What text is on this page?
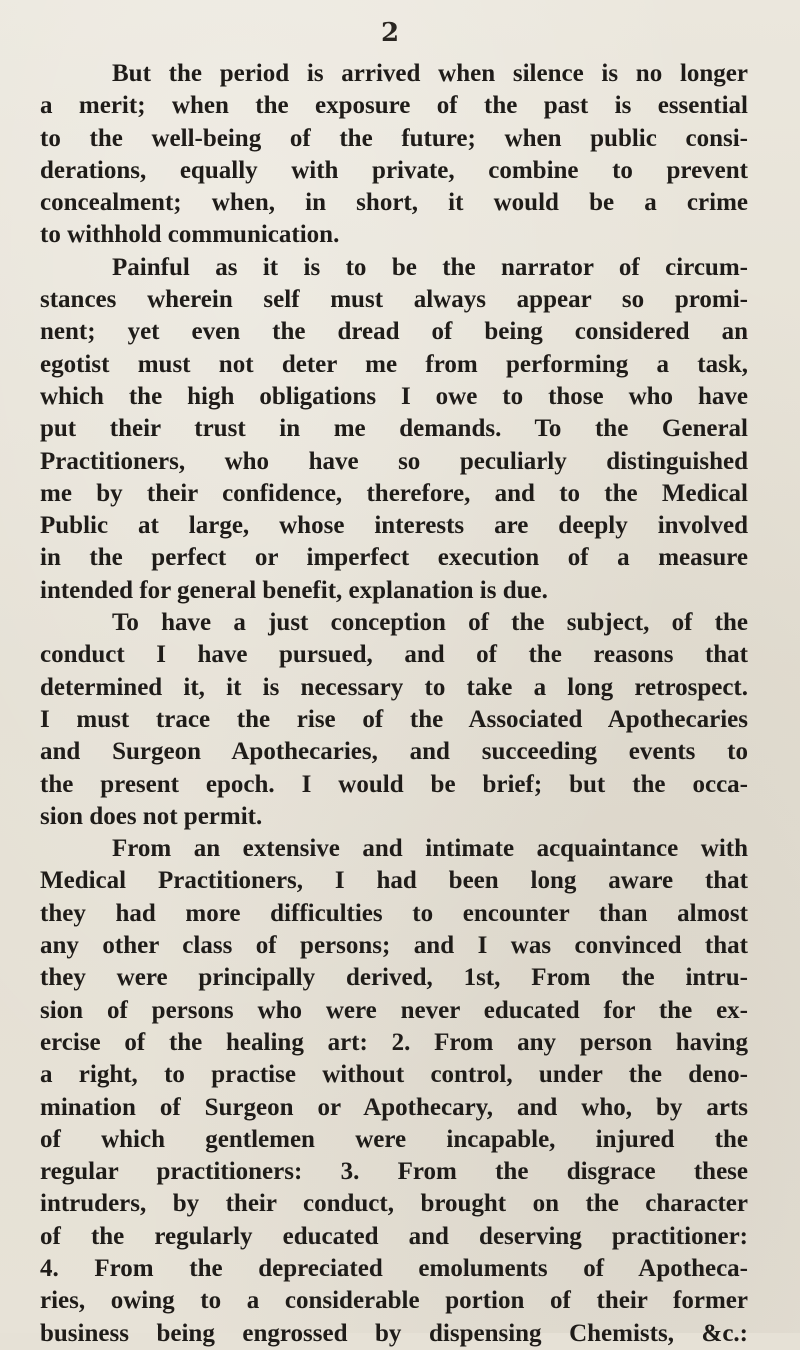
2

But the period is arrived when silence is no longer
a merit; when the exposure of the past is essential
to the well-being of the future; when public consi-
derations, equally with private, combine to prevent
concealment; when, in short, it would be a crime
to withhold communication.

Painful as it is to be the narrator of circum-
stances wherein self must always appear so promi-
nent; yet even the dread of being considered an
egotist must not deter me from performing a task,
which the high obligations I owe to those who have
put their trust in me demands. To the General
Practitioners, who have so peculiarly distinguished
me by their confidence, therefore, and to the Medical
Public at large, whose interests are deeply involved
in the perfect or imperfect execution of a measure
intended for general benefit, explanation is due.

To have a just conception of the subject, of the
conduct I have pursued, and of the reasons that
determined it, it is necessary to take a long retrospect.
I must trace the rise of the Associated Apothecaries
and Surgeon Apothecaries, and succeeding events to
the present epoch. I would be brief; but the occa-
sion does not permit.

From an extensive and intimate acquaintance with
Medical Practitioners, I had been long aware that
they had more difficulties to encounter than almost
any other class of persons; and I was convinced that
they were principally derived, 1st, From the intru-
sion of persons who were never educated for the ex-
ercise of the healing art: 2. From any person having
a right, to practise without control, under the deno-
mination of Surgeon or Apothecary, and who, by arts
of which gentlemen were incapable, injured the
regular practitioners: 3. From the disgrace these
intruders, by their conduct, brought on the character
of the regularly educated and deserving practitioner:
4. From the depreciated emoluments of Apotheca-
ries, owing to a considerable portion of their former
business being engrossed by dispensing Chemists, &c.:
